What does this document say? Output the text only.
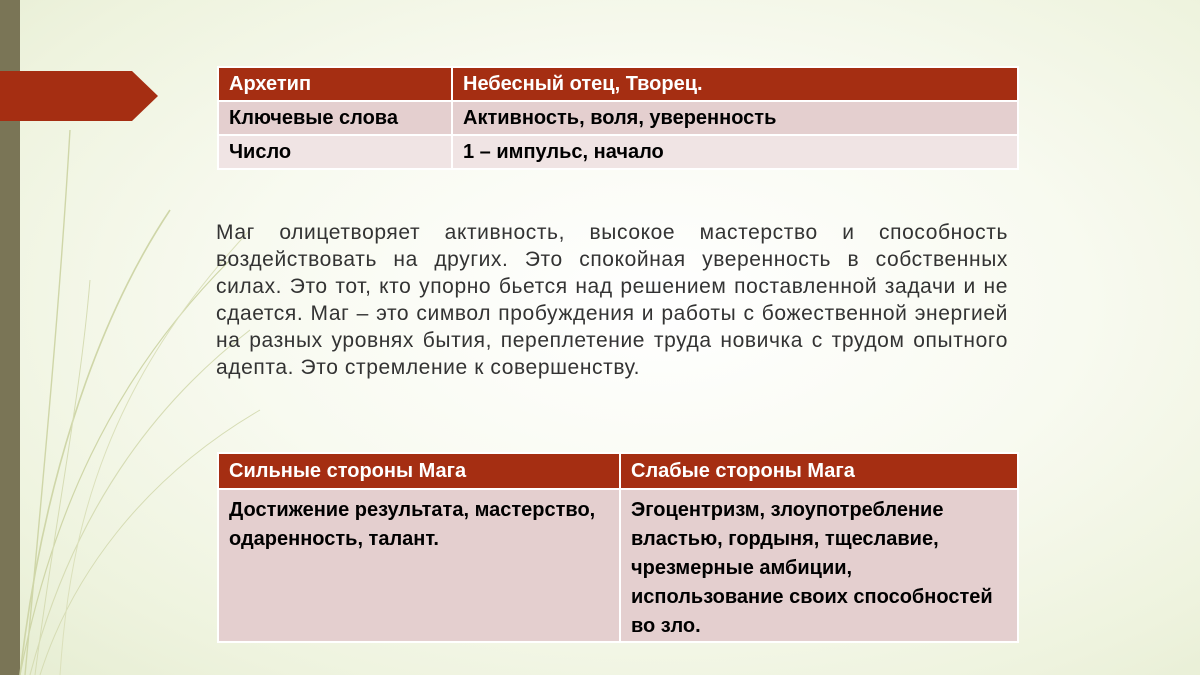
Архетип	Небесный отец, Творец.
Ключевые слова	Активность, воля, уверенность
Число	1 – импульс, начало
Маг олицетворяет активность, высокое мастерство и способность воздействовать на других. Это спокойная уверенность в собственных силах. Это тот, кто упорно бьется над решением поставленной задачи и не сдается. Маг – это символ пробуждения и работы с божественной энергией на разных уровнях бытия, переплетение труда новичка с трудом опытного адепта. Это стремление к совершенству.
Сильные стороны Мага	Слабые стороны Мага
Достижение результата, мастерство, одаренность, талант.	Эгоцентризм, злоупотребление властью, гордыня, тщеславие, чрезмерные амбиции, использование своих способностей во зло.
